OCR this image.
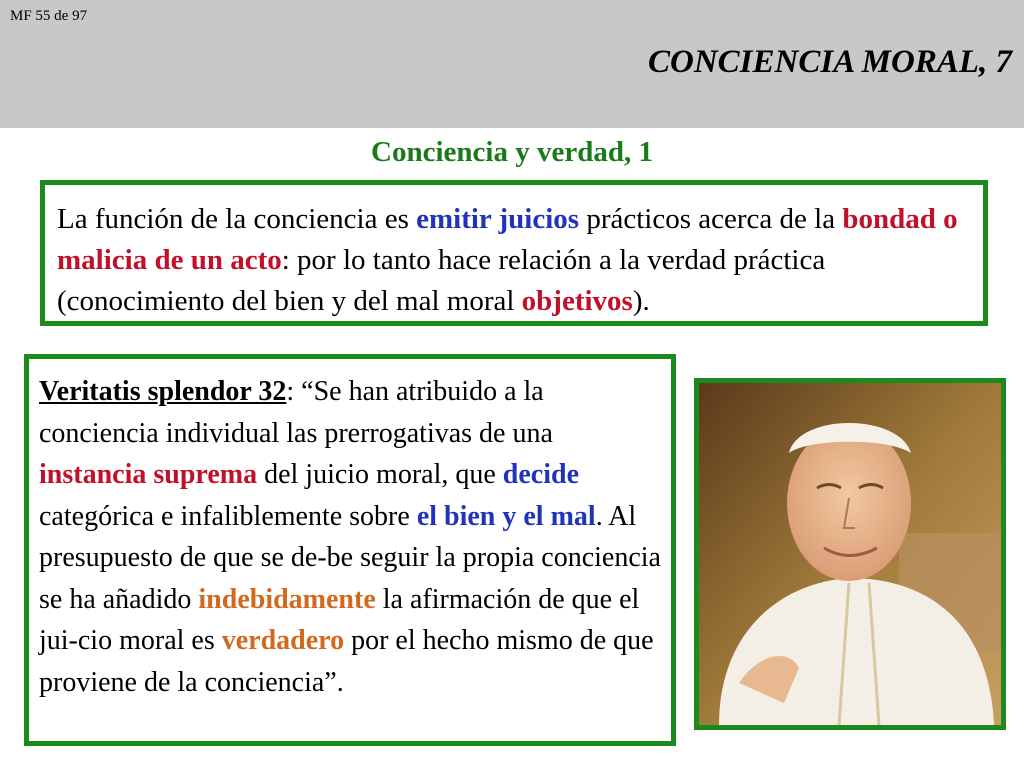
MF 55 de 97
CONCIENCIA MORAL, 7
Conciencia y verdad, 1
La función de la conciencia es emitir juicios prácticos acerca de la bondad o malicia de un acto: por lo tanto hace relación a la verdad práctica (conocimiento del bien y del mal moral objetivos).
Veritatis splendor 32: “Se han atribuido a la conciencia individual las prerrogativas de una instancia suprema del juicio moral, que decide categórica e infaliblemente sobre el bien y el mal. Al presupuesto de que se de-be seguir la propia conciencia se ha añadido indebidamente la afirmación de que el jui-cio moral es verdadero por el hecho mismo de que proviene de la conciencia”.
